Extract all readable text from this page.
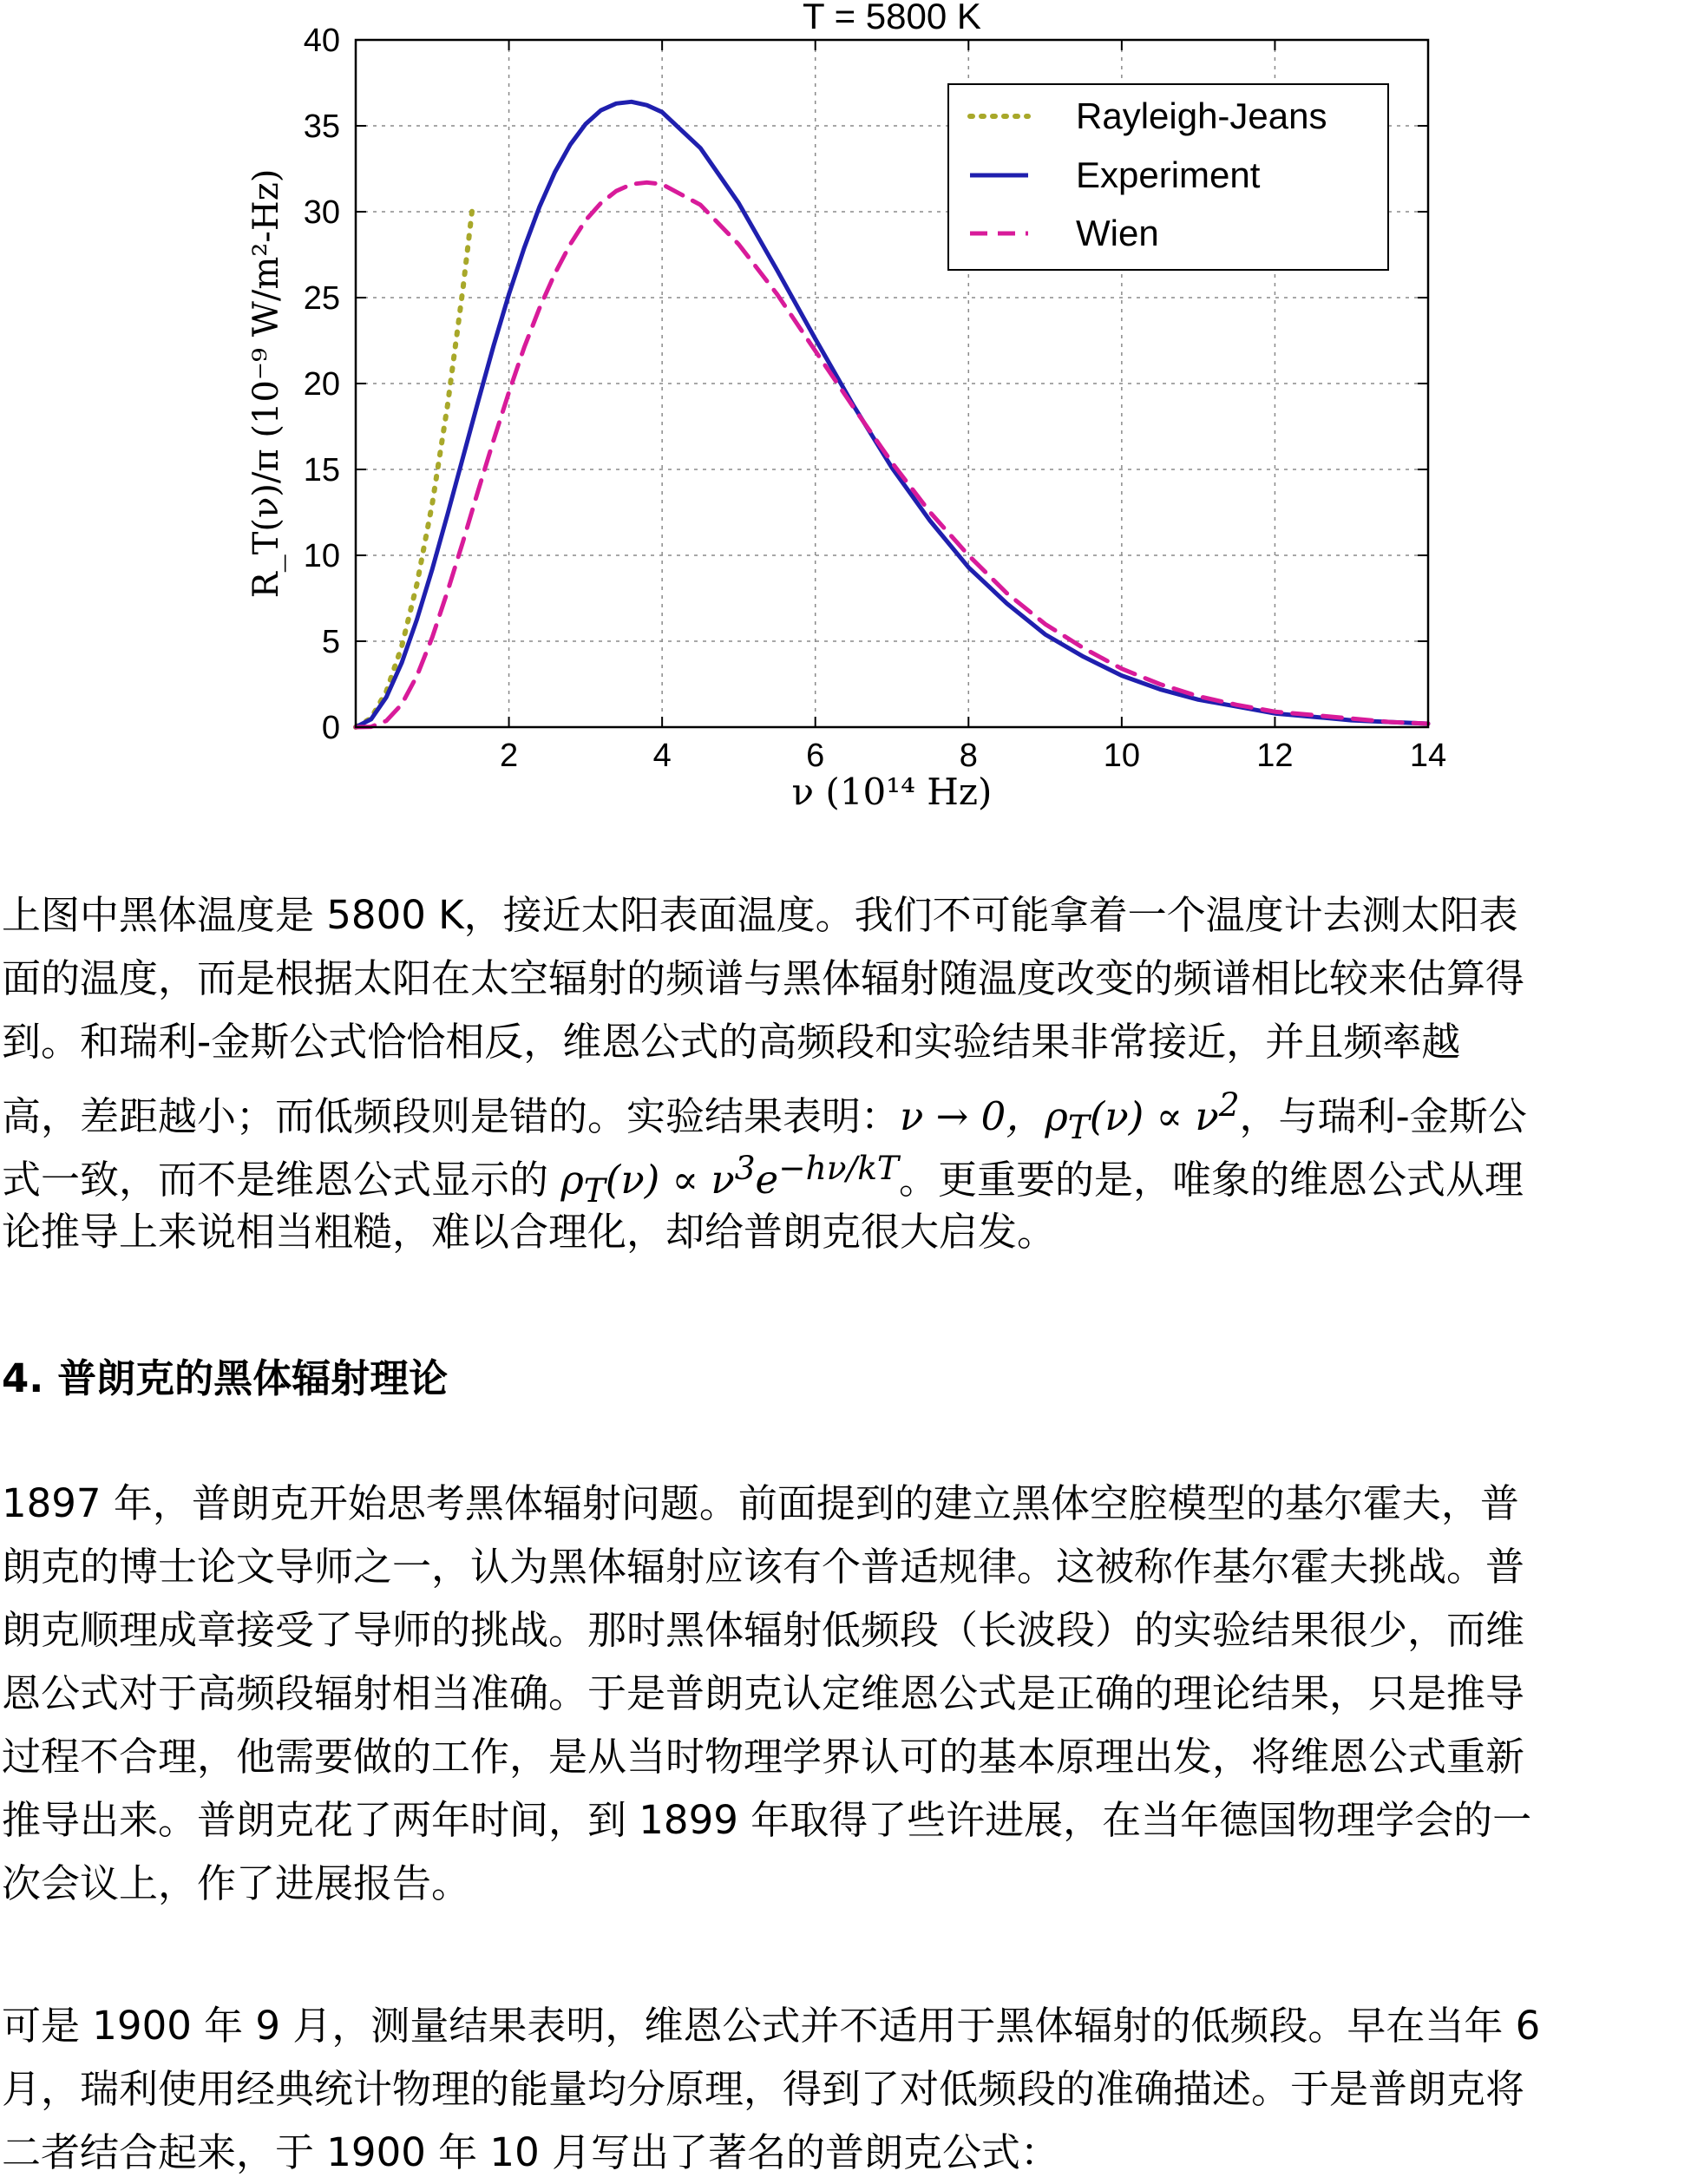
2	4	6	8	10	12	14
0
5
10
15
20
25
30
35
40
T = 5800 K
ν (10¹⁴ Hz)
R_T(ν)/π (10⁻⁹ W/m²-Hz)
Rayleigh-Jeans
Experiment
Wien
上图中黑体温度是 5800 K，接近太阳表面温度。我们不可能拿着一个温度计去测太阳表
面的温度，而是根据太阳在太空辐射的频谱与黑体辐射随温度改变的频谱相比较来估算得
到。和瑞利-金斯公式恰恰相反，维恩公式的高频段和实验结果非常接近，并且频率越
高，差距越小；而低频段则是错的。实验结果表明：ν → 0，$\rho_T(\nu) \propto \nu^2$，与瑞利-金斯公
式一致，而不是维恩公式显示的 $\rho_T(\nu) \propto \nu^3e^{-h\nu/kT}$。更重要的是，唯象的维恩公式从理
论推导上来说相当粗糙，难以合理化，却给普朗克很大启发。
4. 普朗克的黑体辐射理论
1897 年，普朗克开始思考黑体辐射问题。前面提到的建立黑体空腔模型的基尔霍夫，普
朗克的博士论文导师之一，认为黑体辐射应该有个普适规律。这被称作基尔霍夫挑战。普
朗克顺理成章接受了导师的挑战。那时黑体辐射低频段（长波段）的实验结果很少，而维
恩公式对于高频段辐射相当准确。于是普朗克认定维恩公式是正确的理论结果，只是推导
过程不合理，他需要做的工作，是从当时物理学界认可的基本原理出发，将维恩公式重新
推导出来。普朗克花了两年时间，到 1899 年取得了些许进展，在当年德国物理学会的一
次会议上，作了进展报告。
可是 1900 年 9 月，测量结果表明，维恩公式并不适用于黑体辐射的低频段。早在当年 6
月，瑞利使用经典统计物理的能量均分原理，得到了对低频段的准确描述。于是普朗克将
二者结合起来，于 1900 年 10 月写出了著名的普朗克公式：
